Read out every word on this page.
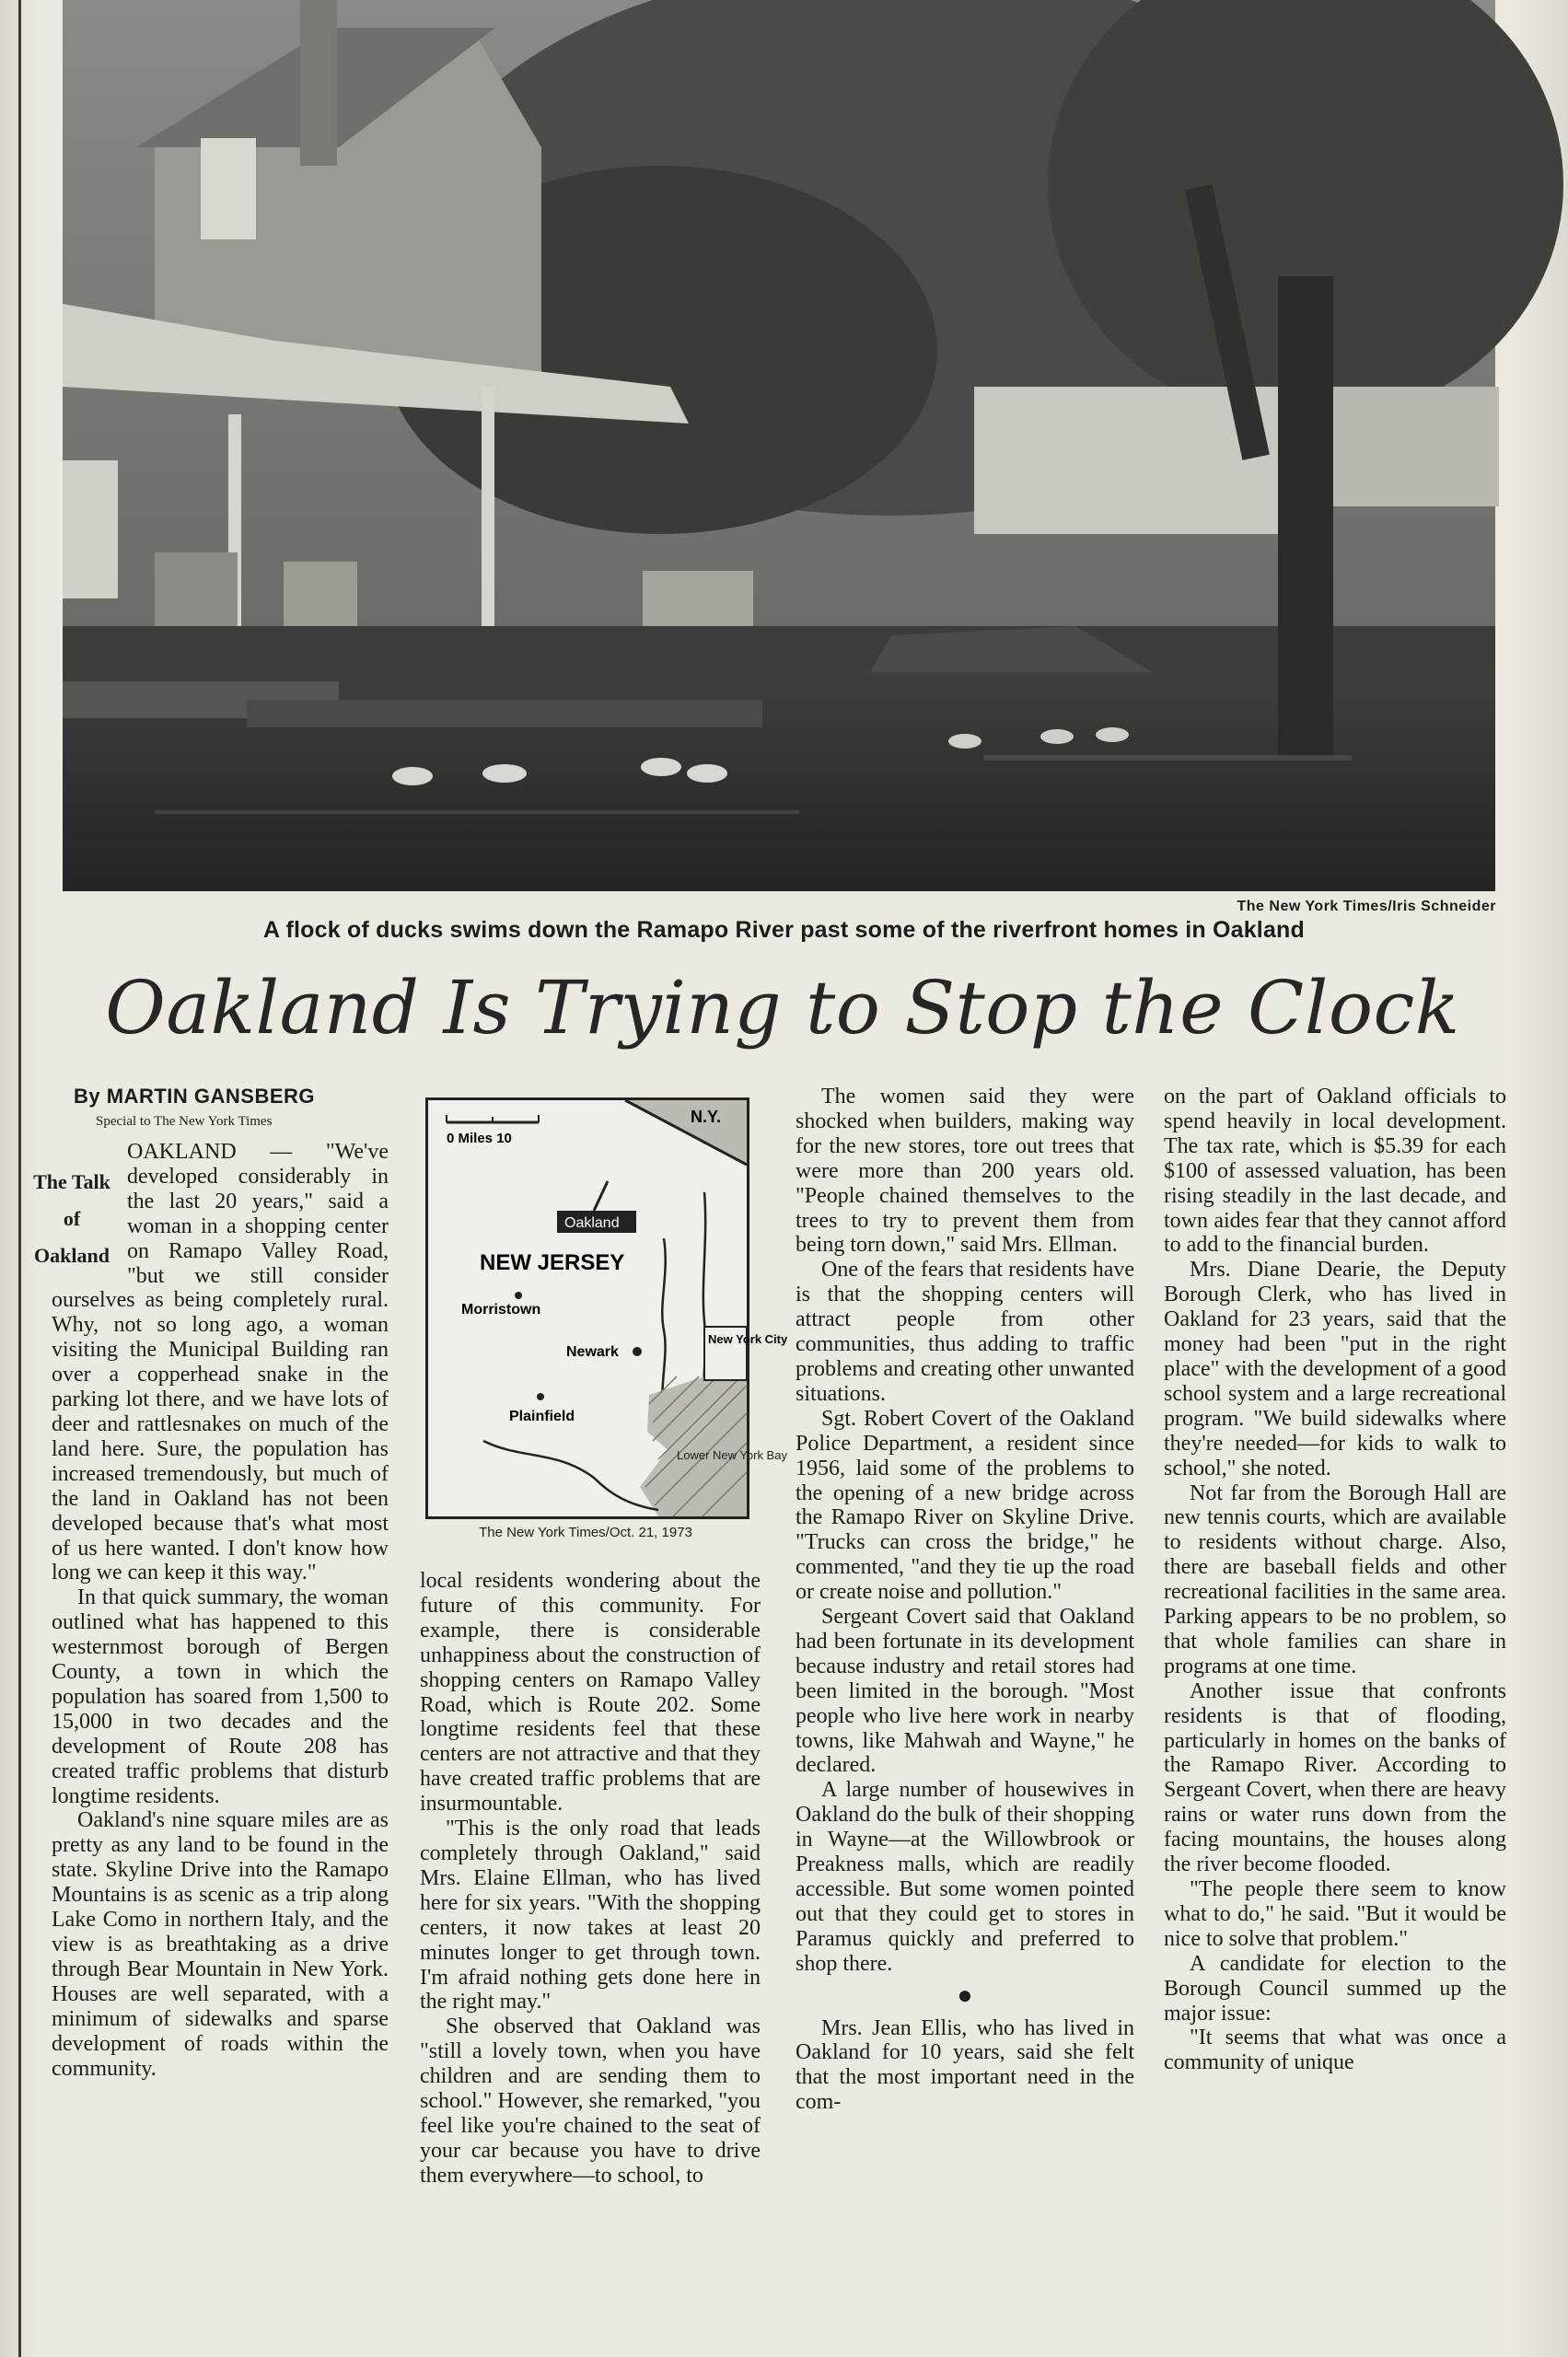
The New York Times/Iris Schneider
A flock of ducks swims down the Ramapo River past some of the riverfront homes in Oakland
Oakland Is Trying to Stop the Clock
By MARTIN GANSBERG
Special to The New York Times

The Talk
of
Oakland
OAKLAND — "We've developed considerably in the last 20 years," said a woman in a shopping center on Ramapo Valley Road, "but we still consider ourselves as being completely rural. Why, not so long ago, a woman visiting the Municipal Building ran over a copperhead snake in the parking lot there, and we have lots of deer and rattlesnakes on much of the land here. Sure, the population has increased tremendously, but much of the land in Oakland has not been developed because that's what most of us here wanted. I don't know how long we can keep it this way."

In that quick summary, the woman outlined what has happened to this westernmost borough of Bergen County, a town in which the population has soared from 1,500 to 15,000 in two decades and the development of Route 208 has created traffic problems that disturb longtime residents.

Oakland's nine square miles are as pretty as any land to be found in the state. Skyline Drive into the Ramapo Mountains is as scenic as a trip along Lake Como in northern Italy, and the view is as breathtaking as a drive through Bear Mountain in New York. Houses are well separated, with a minimum of sidewalks and sparse development of roads within the community.

0 Miles 10
N.Y.
Oakland
NEW JERSEY
Morristown
Newark
Plainfield
New York City
Lower New York Bay
The New York Times/Oct. 21, 1973

local residents wondering about the future of this community. For example, there is considerable unhappiness about the construction of shopping centers on Ramapo Valley Road, which is Route 202. Some longtime residents feel that these centers are not attractive and that they have created traffic problems that are insurmountable.

"This is the only road that leads completely through Oakland," said Mrs. Elaine Ellman, who has lived here for six years. "With the shopping centers, it now takes at least 20 minutes longer to get through town. I'm afraid nothing gets done here in the right may."

She observed that Oakland was "still a lovely town, when you have children and are sending them to school." However, she remarked, "you feel like you're chained to the seat of your car because you have to drive them everywhere—to school, to

The women said they were shocked when builders, making way for the new stores, tore out trees that were more than 200 years old. "People chained themselves to the trees to try to prevent them from being torn down," said Mrs. Ellman.

One of the fears that residents have is that the shopping centers will attract people from other communities, thus adding to traffic problems and creating other unwanted situations.

Sgt. Robert Covert of the Oakland Police Department, a resident since 1956, laid some of the problems to the opening of a new bridge across the Ramapo River on Skyline Drive. "Trucks can cross the bridge," he commented, "and they tie up the road or create noise and pollution."

Sergeant Covert said that Oakland had been fortunate in its development because industry and retail stores had been limited in the borough. "Most people who live here work in nearby towns, like Mahwah and Wayne," he declared.

A large number of housewives in Oakland do the bulk of their shopping in Wayne—at the Willowbrook or Preakness malls, which are readily accessible. But some women pointed out that they could get to stores in Paramus quickly and preferred to shop there.

●

Mrs. Jean Ellis, who has lived in Oakland for 10 years, said she felt that the most important need in the com-

on the part of Oakland officials to spend heavily in local development. The tax rate, which is $5.39 for each $100 of assessed valuation, has been rising steadily in the last decade, and town aides fear that they cannot afford to add to the financial burden.

Mrs. Diane Dearie, the Deputy Borough Clerk, who has lived in Oakland for 23 years, said that the money had been "put in the right place" with the development of a good school system and a large recreational program. "We build sidewalks where they're needed—for kids to walk to school," she noted.

Not far from the Borough Hall are new tennis courts, which are available to residents without charge. Also, there are baseball fields and other recreational facilities in the same area. Parking appears to be no problem, so that whole families can share in programs at one time.

Another issue that confronts residents is that of flooding, particularly in homes on the banks of the Ramapo River. According to Sergeant Covert, when there are heavy rains or water runs down from the facing mountains, the houses along the river become flooded.

"The people there seem to know what to do," he said. "But it would be nice to solve that problem."

A candidate for election to the Borough Council summed up the major issue:

"It seems that what was once a community of unique
